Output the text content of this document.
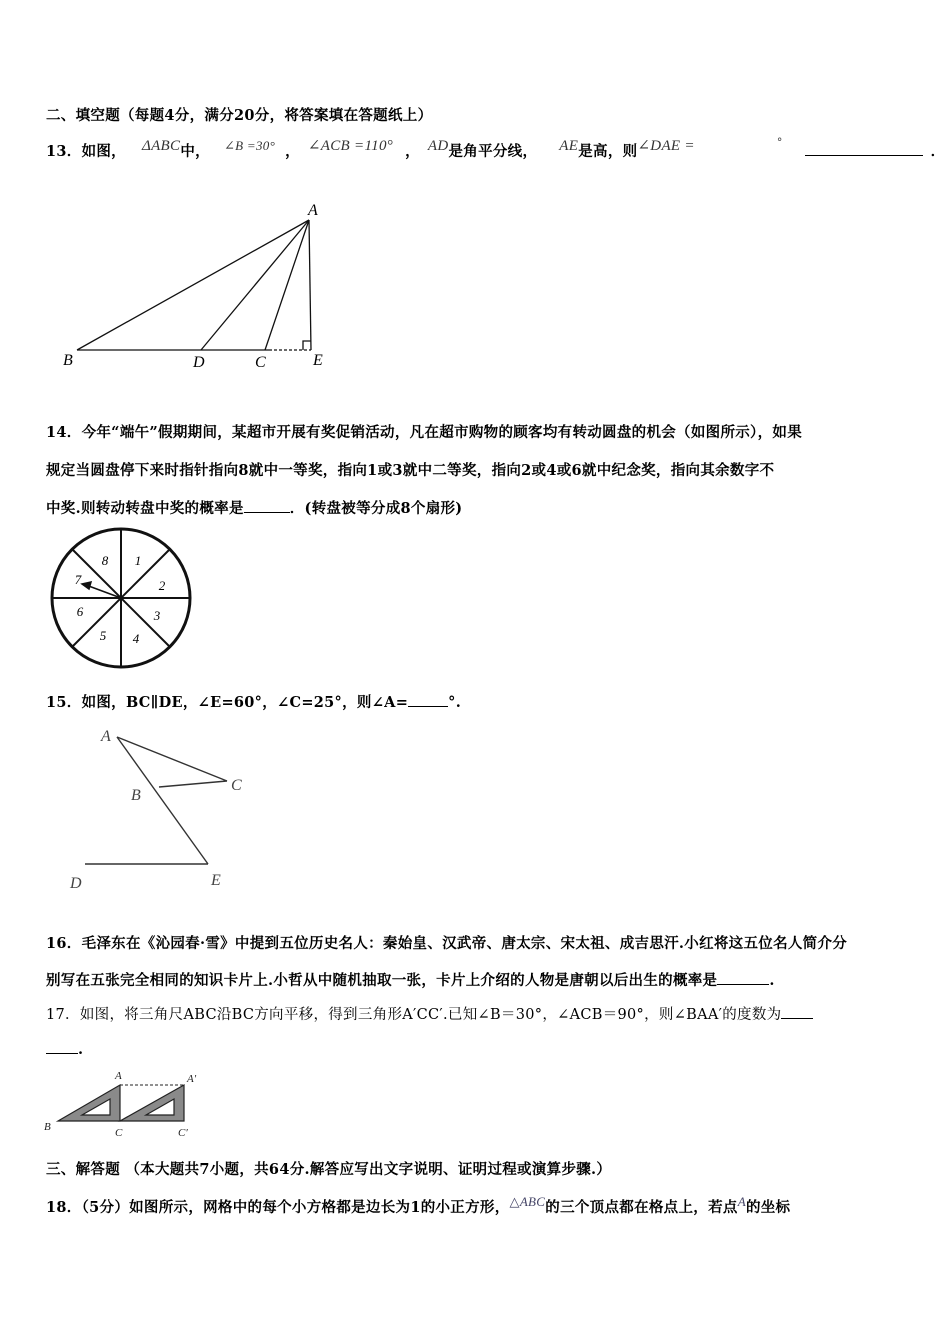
二、填空题（每题4分，满分20分，将答案填在答题纸上）
13．如图， ΔABC中， ∠B =30° ， ∠ACB =110° ， AD是角平分线， AE是高，则∠DAE =	°．
A
B	D	C	E
14．今年“端午”假期期间，某超市开展有奖促销活动，凡在超市购物的顾客均有转动圆盘的机会（如图所示），如果
规定当圆盘停下来时指针指向8就中一等奖，指向1或3就中二等奖，指向2或4或6就中纪念奖，指向其余数字不
中奖.则转动转盘中奖的概率是	．(转盘被等分成8个扇形)
8 1
2
3
4
5
6
7
15．如图，BC∥DE，∠E=60°，∠C=25°，则∠A=	°.
A
B
C
D	E
16．毛泽东在《沁园春·雪》中提到五位历史名人：秦始皇、汉武帝、唐太宗、宋太祖、成吉思汗.小红将这五位名人简介分
别写在五张完全相同的知识卡片上.小哲从中随机抽取一张，卡片上介绍的人物是唐朝以后出生的概率是	.
17．如图，将三角尺ABC沿BC方向平移，得到三角形A′CC′.已知∠B＝30°，∠ACB＝90°，则∠BAA′的度数为
.
A	A′
B	C	C′
三、解答题 （本大题共7小题，共64分.解答应写出文字说明、证明过程或演算步骤.）
18．（5分）如图所示，网格中的每个小方格都是边长为1的小正方形，△ABC的三个顶点都在格点上，若点A的坐标
